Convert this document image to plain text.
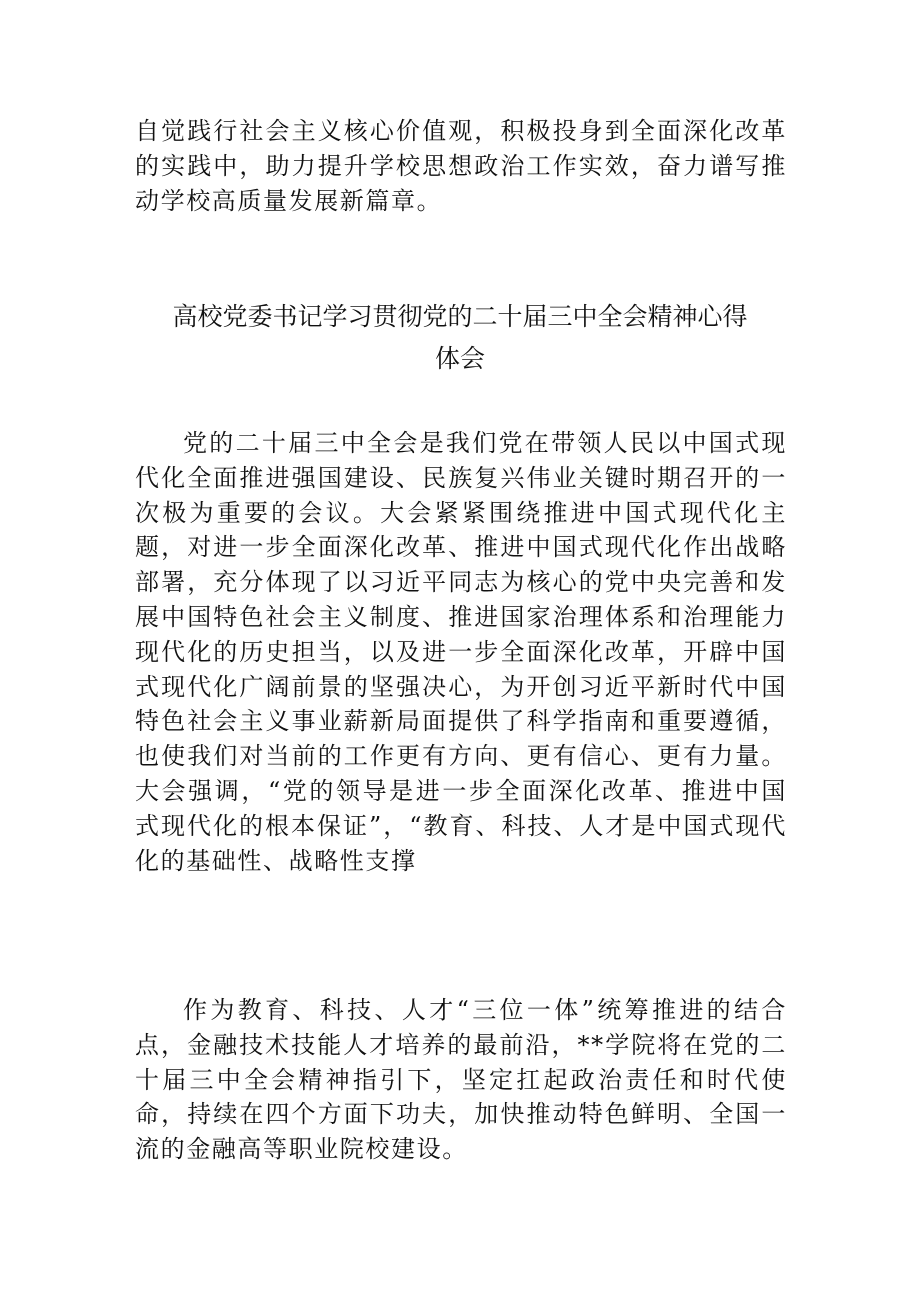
自觉践行社会主义核心价值观，积极投身到全面深化改革的实践中，助力提升学校思想政治工作实效，奋力谱写推动学校高质量发展新篇章。

高校党委书记学习贯彻党的二十届三中全会精神心得
体会

党的二十届三中全会是我们党在带领人民以中国式现代化全面推进强国建设、民族复兴伟业关键时期召开的一次极为重要的会议。大会紧紧围绕推进中国式现代化主题，对进一步全面深化改革、推进中国式现代化作出战略部署，充分体现了以习近平同志为核心的党中央完善和发展中国特色社会主义制度、推进国家治理体系和治理能力现代化的历史担当，以及进一步全面深化改革，开辟中国式现代化广阔前景的坚强决心，为开创习近平新时代中国特色社会主义事业薪新局面提供了科学指南和重要遵循，也使我们对当前的工作更有方向、更有信心、更有力量。大会强调，“党的领导是进一步全面深化改革、推进中国式现代化的根本保证”，“教育、科技、人才是中国式现代化的基础性、战略性支撑

作为教育、科技、人才“三位一体”统筹推进的结合点，金融技术技能人才培养的最前沿，**学院将在党的二十届三中全会精神指引下，坚定扛起政治责任和时代使命，持续在四个方面下功夫，加快推动特色鲜明、全国一流的金融高等职业院校建设。
